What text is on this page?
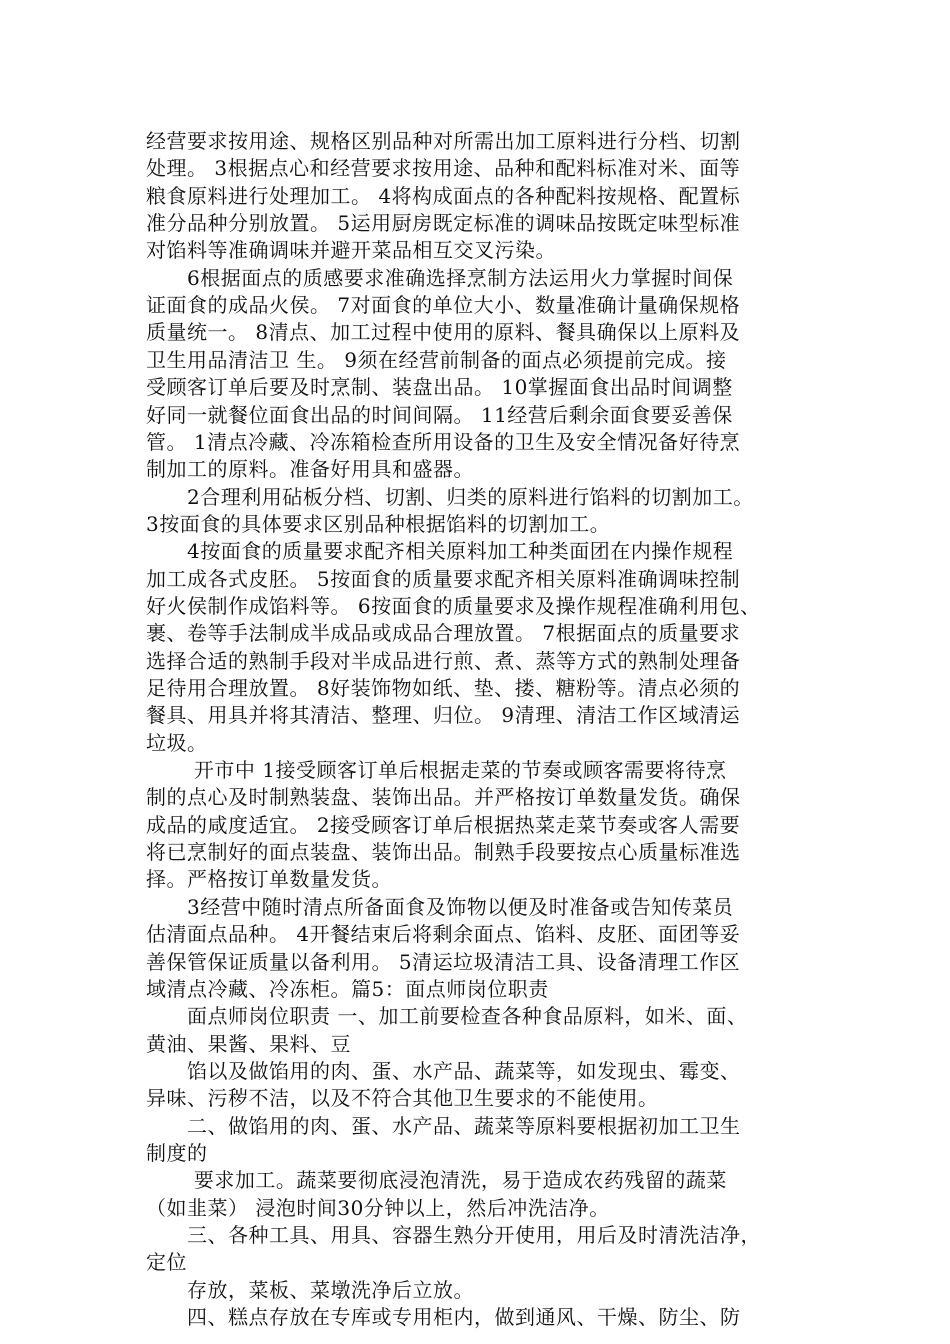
经营要求按用途、规格区别品种对所需出加工原料进行分档、切割
处理。 3根据点心和经营要求按用途、品种和配料标准对米、面等
粮食原料进行处理加工。 4将构成面点的各种配料按规格、配置标
准分品种分别放置。 5运用厨房既定标准的调味品按既定味型标准
对馅料等准确调味并避开菜品相互交叉污染。
　　6根据面点的质感要求准确选择烹制方法运用火力掌握时间保
证面食的成品火侯。 7对面食的单位大小、数量准确计量确保规格
质量统一。 8清点、加工过程中使用的原料、餐具确保以上原料及
卫生用品清洁卫 生。 9须在经营前制备的面点必须提前完成。接
受顾客订单后要及时烹制、装盘出品。 10掌握面食出品时间调整
好同一就餐位面食出品的时间间隔。 11经营后剩余面食要妥善保
管。 1清点冷藏、冷冻箱检查所用设备的卫生及安全情况备好待烹
制加工的原料。准备好用具和盛器。
　　2合理利用砧板分档、切割、归类的原料进行馅料的切割加工。
3按面食的具体要求区别品种根据馅料的切割加工。
　　4按面食的质量要求配齐相关原料加工种类面团在内操作规程
加工成各式皮胚。 5按面食的质量要求配齐相关原料准确调味控制
好火侯制作成馅料等。 6按面食的质量要求及操作规程准确利用包、
裹、卷等手法制成半成品或成品合理放置。 7根据面点的质量要求
选择合适的熟制手段对半成品进行煎、煮、蒸等方式的熟制处理备
足待用合理放置。 8好装饰物如纸、垫、搂、糖粉等。清点必须的
餐具、用具并将其清洁、整理、归位。 9清理、清洁工作区域清运
垃圾。
　　 开市中 1接受顾客订单后根据走菜的节奏或顾客需要将待烹
制的点心及时制熟装盘、装饰出品。并严格按订单数量发货。确保
成品的咸度适宜。 2接受顾客订单后根据热菜走菜节奏或客人需要
将已烹制好的面点装盘、装饰出品。制熟手段要按点心质量标准选
择。严格按订单数量发货。
　　3经营中随时清点所备面食及饰物以便及时准备或告知传菜员
估清面点品种。 4开餐结束后将剩余面点、馅料、皮胚、面团等妥
善保管保证质量以备利用。 5清运垃圾清洁工具、设备清理工作区
域清点冷藏、冷冻柜。篇5：面点师岗位职责
　　面点师岗位职责 一、加工前要检查各种食品原料，如米、面、
黄油、果酱、果料、豆
　　馅以及做馅用的肉、蛋、水产品、蔬菜等，如发现虫、霉变、
异味、污秽不洁，以及不符合其他卫生要求的不能使用。
　　二、做馅用的肉、蛋、水产品、蔬菜等原料要根据初加工卫生
制度的
　　 要求加工。蔬菜要彻底浸泡清洗，易于造成农药残留的蔬菜
（如韭菜） 浸泡时间30分钟以上，然后冲洗洁净。
　　三、各种工具、用具、容器生熟分开使用，用后及时清洗洁净，
定位
　　存放，菜板、菜墩洗净后立放。
　　四、糕点存放在专库或专用柜内，做到通风、干燥、防尘、防
